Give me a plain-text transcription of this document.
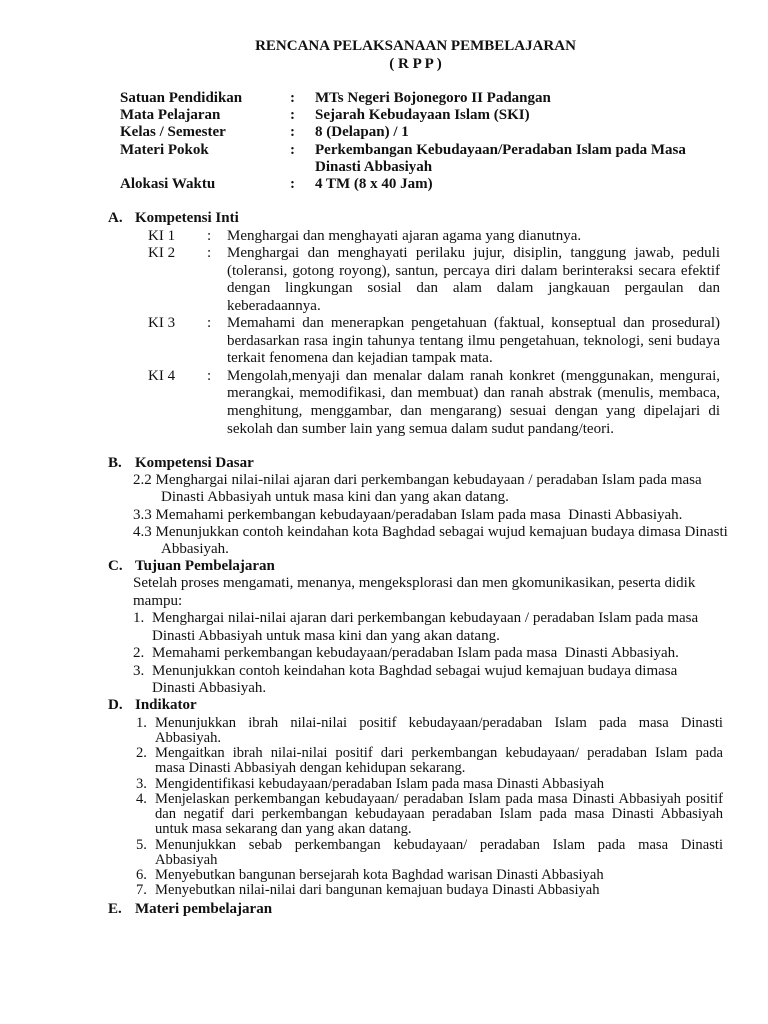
RENCANA PELAKSANAAN PEMBELAJARAN
( R P P )
Satuan Pendidikan	:	MTs Negeri Bojonegoro II Padangan
Mata Pelajaran	:	Sejarah Kebudayaan Islam (SKI)
Kelas / Semester	:	8 (Delapan) / 1
Materi Pokok	:	Perkembangan Kebudayaan/Peradaban Islam pada Masa
Dinasti Abbasiyah
Alokasi Waktu	:	4 TM (8 x 40 Jam)
A. Kompetensi Inti
KI 1	:	Menghargai dan menghayati ajaran agama yang dianutnya.
KI 2	:	Menghargai dan menghayati perilaku jujur, disiplin, tanggung jawab, peduli
(toleransi, gotong royong), santun, percaya diri dalam berinteraksi secara efektif
dengan lingkungan sosial dan alam dalam jangkauan pergaulan dan
keberadaannya.
KI 3	:	Memahami dan menerapkan pengetahuan (faktual, konseptual dan prosedural)
berdasarkan rasa ingin tahunya tentang ilmu pengetahuan, teknologi, seni budaya
terkait fenomena dan kejadian tampak mata.
KI 4	:	Mengolah,menyaji dan menalar dalam ranah konkret (menggunakan, mengurai,
merangkai, memodifikasi, dan membuat) dan ranah abstrak (menulis, membaca,
menghitung, menggambar, dan mengarang) sesuai dengan yang dipelajari di
sekolah dan sumber lain yang semua dalam sudut pandang/teori.
B. Kompetensi Dasar
2.2 Menghargai nilai-nilai ajaran dari perkembangan kebudayaan / peradaban Islam pada masa
Dinasti Abbasiyah untuk masa kini dan yang akan datang.
3.3 Memahami perkembangan kebudayaan/peradaban Islam pada masa  Dinasti Abbasiyah.
4.3 Menunjukkan contoh keindahan kota Baghdad sebagai wujud kemajuan budaya dimasa Dinasti
Abbasiyah.
C. Tujuan Pembelajaran
Setelah proses mengamati, menanya, mengeksplorasi dan men gkomunikasikan, peserta didik
mampu:
1. Menghargai nilai-nilai ajaran dari perkembangan kebudayaan / peradaban Islam pada masa
Dinasti Abbasiyah untuk masa kini dan yang akan datang.
2. Memahami perkembangan kebudayaan/peradaban Islam pada masa  Dinasti Abbasiyah.
3. Menunjukkan contoh keindahan kota Baghdad sebagai wujud kemajuan budaya dimasa
Dinasti Abbasiyah.
D. Indikator
1. Menunjukkan ibrah nilai-nilai positif kebudayaan/peradaban Islam pada masa Dinasti
Abbasiyah.
2. Mengaitkan ibrah nilai-nilai positif dari perkembangan kebudayaan/ peradaban Islam pada
masa Dinasti Abbasiyah dengan kehidupan sekarang.
3. Mengidentifikasi kebudayaan/peradaban Islam pada masa Dinasti Abbasiyah
4. Menjelaskan perkembangan kebudayaan/ peradaban Islam pada masa Dinasti Abbasiyah positif
dan negatif dari perkembangan kebudayaan peradaban Islam pada masa Dinasti Abbasiyah
untuk masa sekarang dan yang akan datang.
5. Menunjukkan sebab perkembangan kebudayaan/ peradaban Islam pada masa Dinasti
Abbasiyah
6. Menyebutkan bangunan bersejarah kota Baghdad warisan Dinasti Abbasiyah
7. Menyebutkan nilai-nilai dari bangunan kemajuan budaya Dinasti Abbasiyah
E. Materi pembelajaran
